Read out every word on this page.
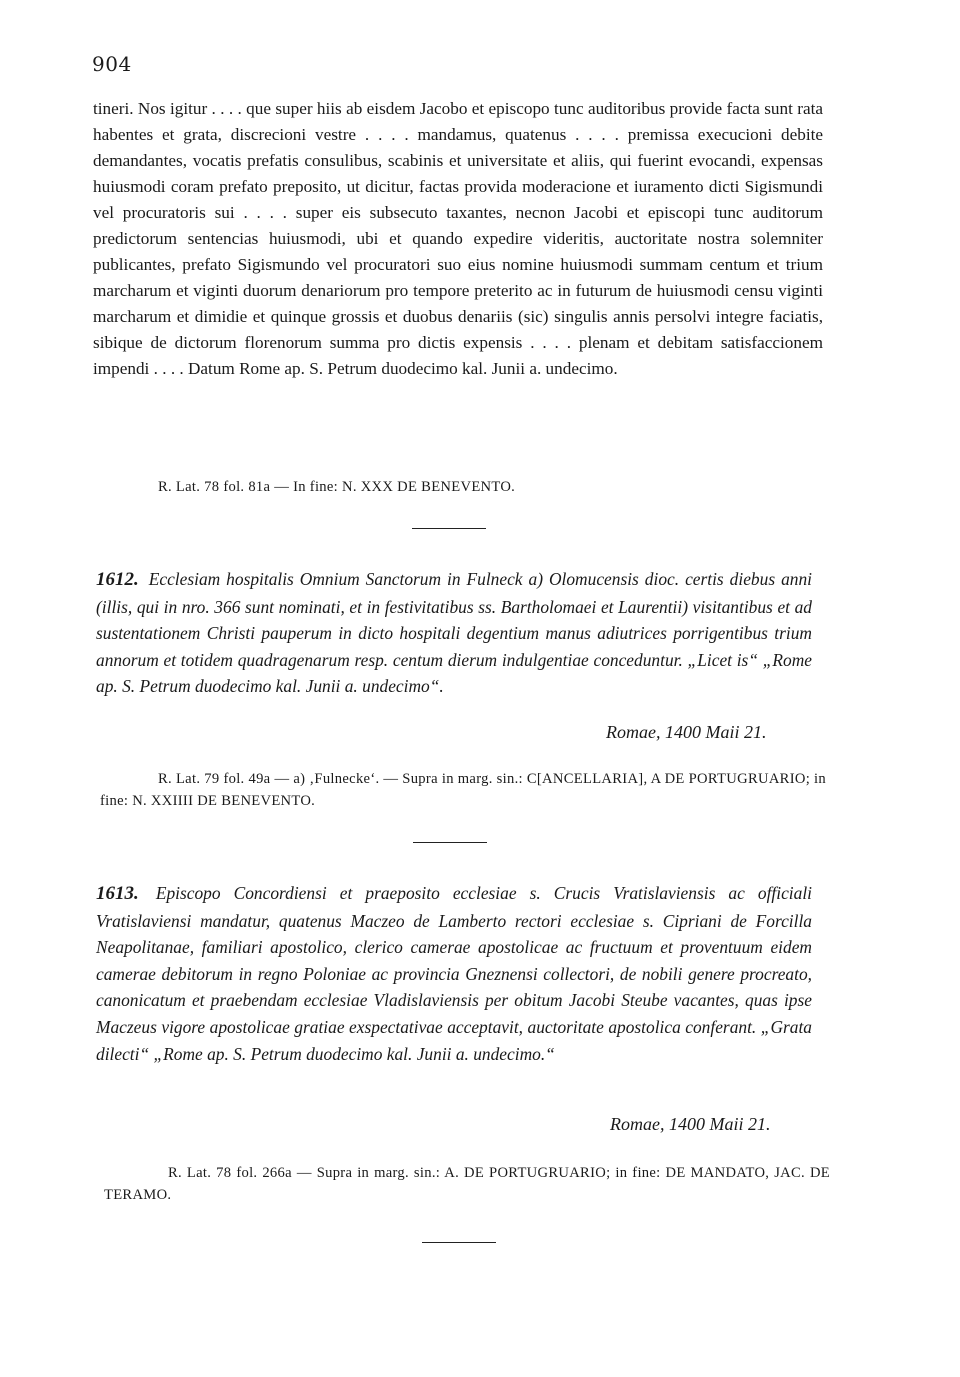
904

tineri. Nos igitur . . . . que super hiis ab eisdem Jacobo et episcopo tunc auditoribus provide facta sunt rata habentes et grata, discrecioni vestre . . . . mandamus, quatenus . . . . premissa execucioni debite demandantes, vocatis prefatis consulibus, scabinis et universitate et aliis, qui fuerint evocandi, expensas huiusmodi coram prefato preposito, ut dicitur, factas provida moderacione et iuramento dicti Sigismundi vel procuratoris sui . . . . super eis subsecuto taxantes, necnon Jacobi et episcopi tunc auditorum predictorum sentencias huiusmodi, ubi et quando expedire videritis, auctoritate nostra solemniter publicantes, prefato Sigismundo vel procuratori suo eius nomine huiusmodi summam centum et trium marcharum et viginti duorum denariorum pro tempore preterito ac in futurum de huiusmodi censu viginti marcharum et dimidie et quinque grossis et duobus denariis (sic) singulis annis persolvi integre faciatis, sibique de dictorum florenorum summa pro dictis expensis . . . . plenam et debitam satisfaccionem impendi . . . . Datum Rome ap. S. Petrum duodecimo kal. Junii a. undecimo.

R. Lat. 78 fol. 81a — In fine: N. XXX DE BENEVENTO.
1612. Ecclesiam hospitalis Omnium Sanctorum in Fulneck a) Olomucensis dioc. certis diebus anni (illis, qui in nro. 366 sunt nominati, et in festivitatibus ss. Bartholomaei et Laurentii) visitantibus et ad sustentationem Christi pauperum in dicto hospitali degentium manus adiutrices porrigentibus trium annorum et totidem quadragenarum resp. centum dierum indulgentiae conceduntur. „Licet is“ „Rome ap. S. Petrum duodecimo kal. Junii a. undecimo“.
Romae, 1400 Maii 21.
R. Lat. 79 fol. 49a — a) ‚Fulnecke‘. — Supra in marg. sin.: C[ANCELLARIA], A DE PORTUGRUARIO; in fine: N. XXIIII DE BENEVENTO.
1613. Episcopo Concordiensi et praeposito ecclesiae s. Crucis Vratislaviensis ac officiali Vratislaviensi mandatur, quatenus Maczeo de Lamberto rectori ecclesiae s. Cipriani de Forcilla Neapolitanae, familiari apostolico, clerico camerae apostolicae ac fructuum et proventuum eidem camerae debitorum in regno Poloniae ac provincia Gneznensi collectori, de nobili genere procreato, canonicatum et praebendam ecclesiae Vladislaviensis per obitum Jacobi Steube vacantes, quas ipse Maczeus vigore apostolicae gratiae exspectativae acceptavit, auctoritate apostolica conferant. „Grata dilecti“ „Rome ap. S. Petrum duodecimo kal. Junii a. undecimo.“
Romae, 1400 Maii 21.
R. Lat. 78 fol. 266a — Supra in marg. sin.: A. DE PORTUGRUARIO; in fine: DE MANDATO, JAC. DE TERAMO.
